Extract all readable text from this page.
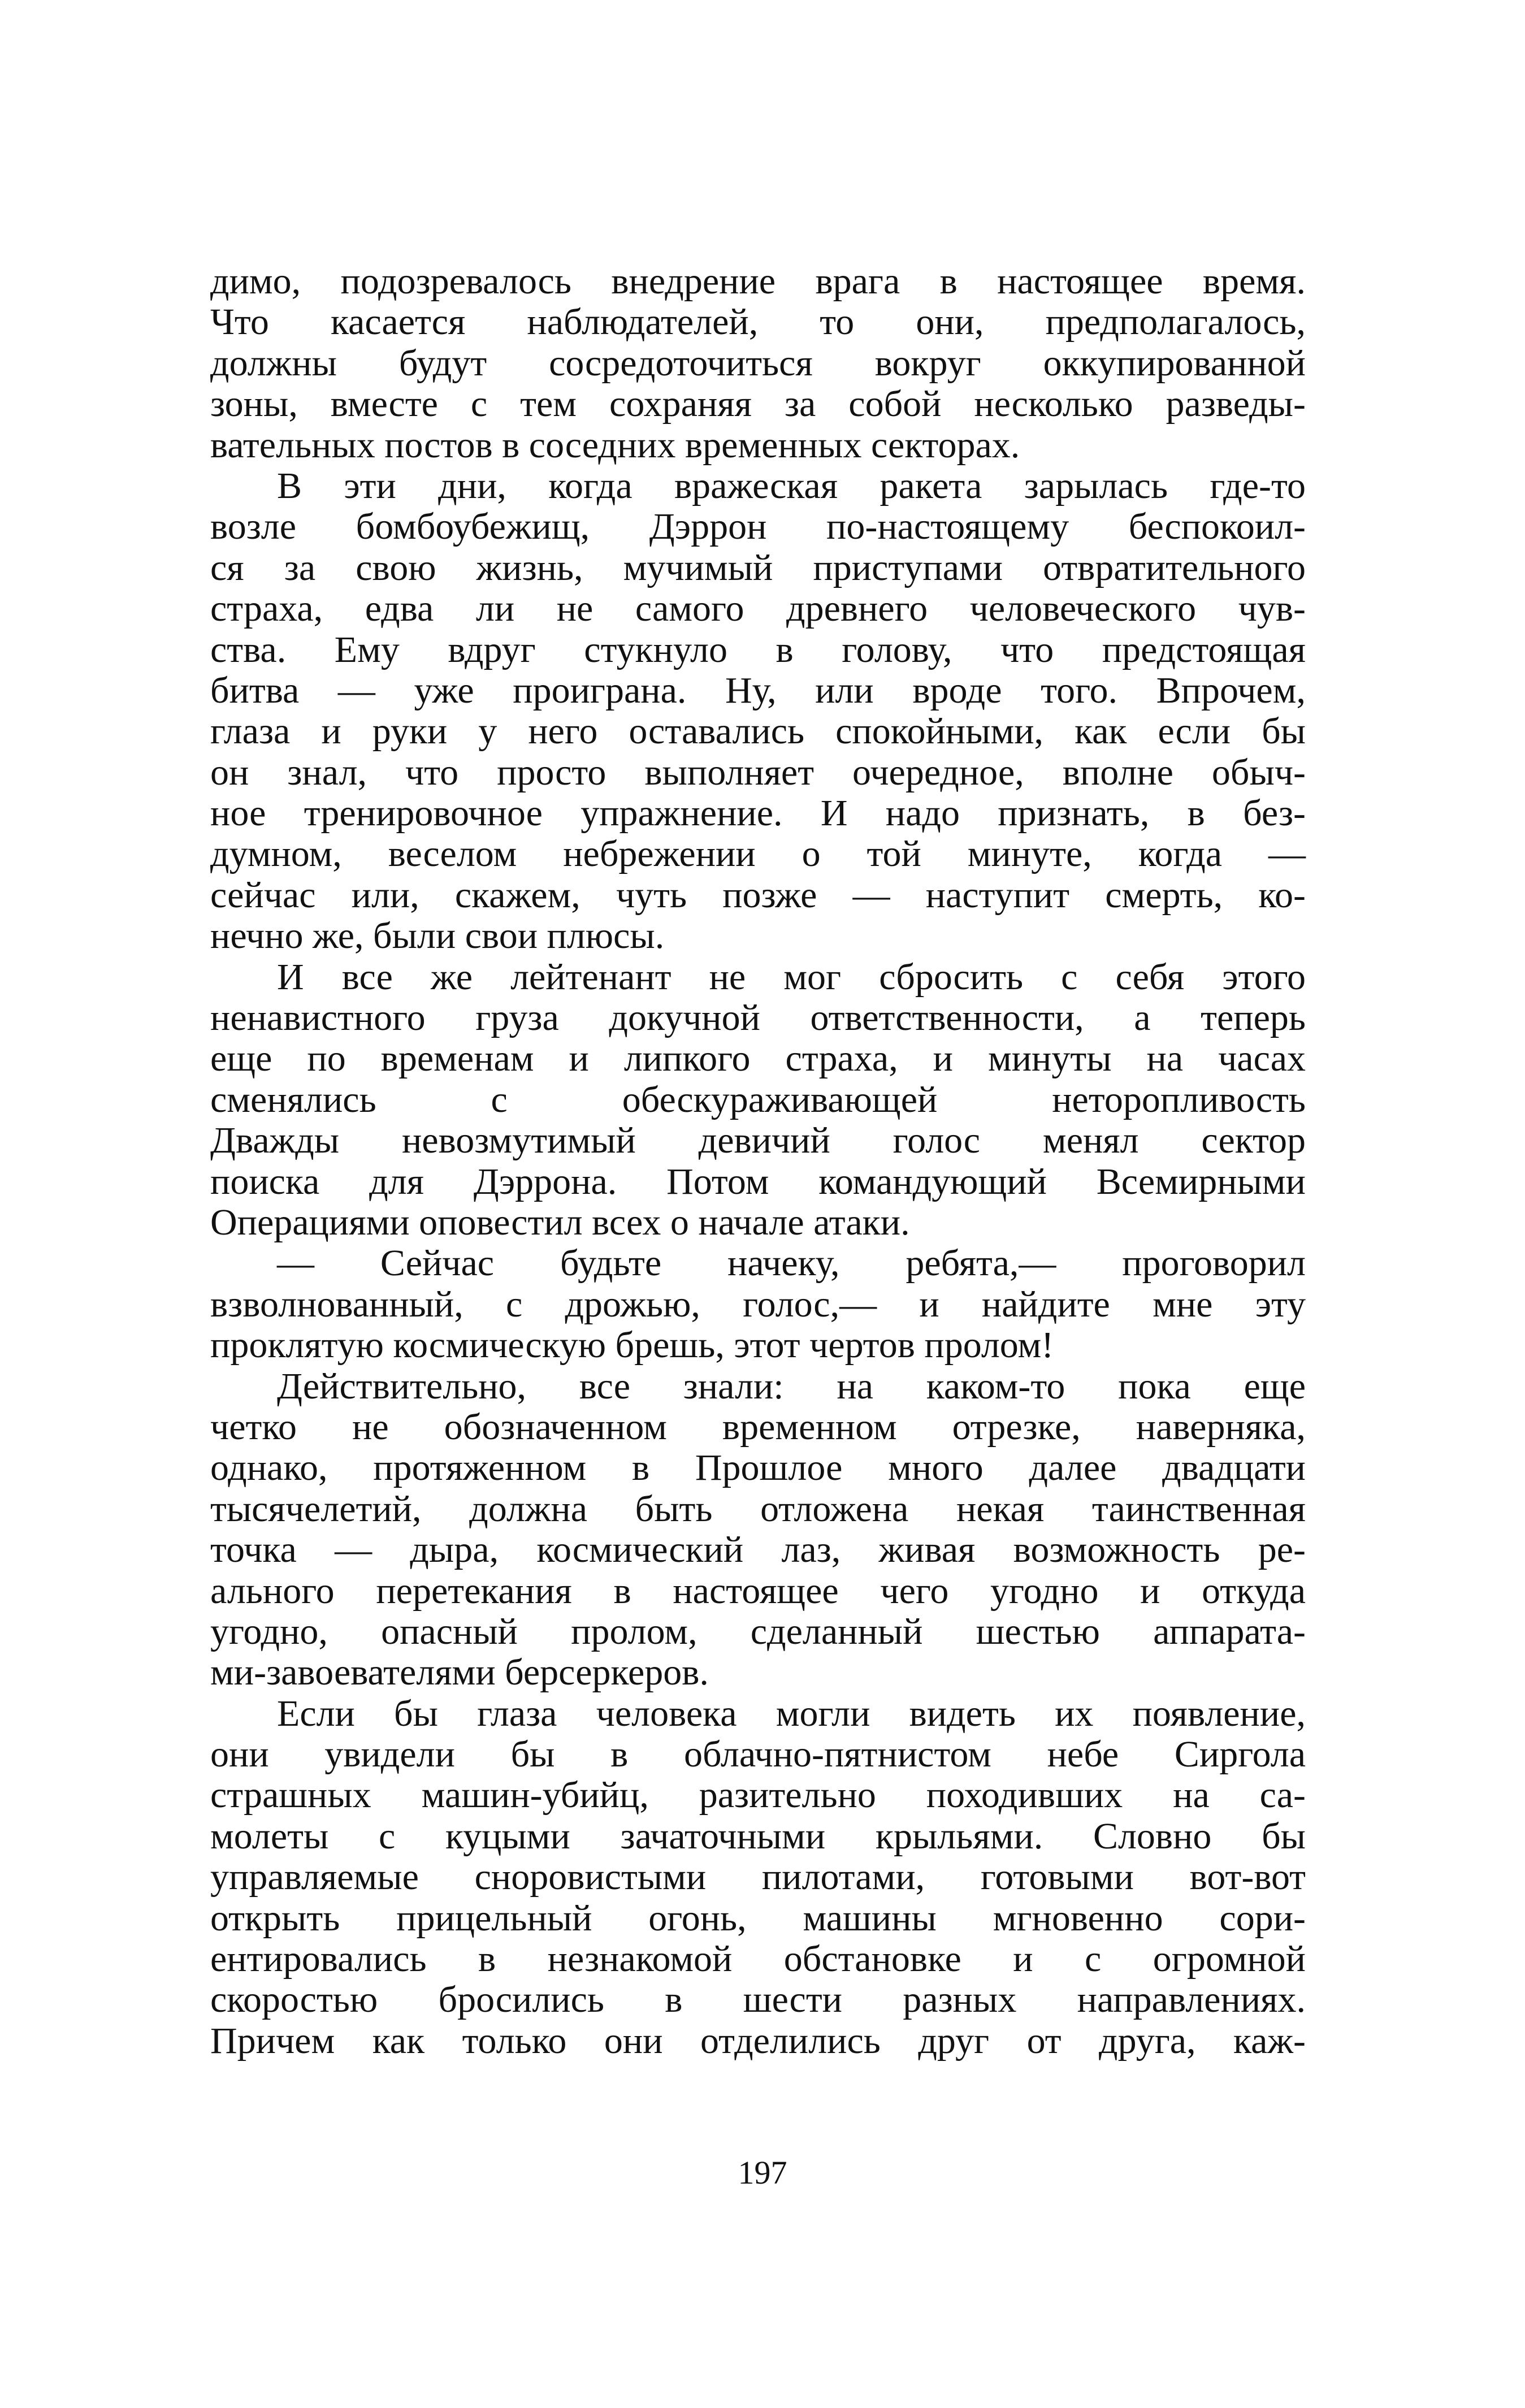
димо, подозревалось внедрение врага в настоящее время.
Что касается наблюдателей, то они, предполагалось,
должны будут сосредоточиться вокруг оккупированной
зоны, вместе с тем сохраняя за собой несколько разведы-
вательных постов в соседних временных секторах.
В эти дни, когда вражеская ракета зарылась где-то
возле бомбоубежищ, Дэррон по-настоящему беспокоил-
ся за свою жизнь, мучимый приступами отвратительного
страха, едва ли не самого древнего человеческого чув-
ства. Ему вдруг стукнуло в голову, что предстоящая
битва — уже проиграна. Ну, или вроде того. Впрочем,
глаза и руки у него оставались спокойными, как если бы
он знал, что просто выполняет очередное, вполне обыч-
ное тренировочное упражнение. И надо признать, в без-
думном, веселом небрежении о той минуте, когда —
сейчас или, скажем, чуть позже — наступит смерть, ко-
нечно же, были свои плюсы.
И все же лейтенант не мог сбросить с себя этого
ненавистного груза докучной ответственности, а теперь
еще по временам и липкого страха, и минуты на часах
сменялись с обескураживающей неторопливость
Дважды невозмутимый девичий голос менял сектор
поиска для Дэррона. Потом командующий Всемирными
Операциями оповестил всех о начале атаки.
— Сейчас будьте начеку, ребята,— проговорил
взволнованный, с дрожью, голос,— и найдите мне эту
проклятую космическую брешь, этот чертов пролом!
Действительно, все знали: на каком-то пока еще
четко не обозначенном временном отрезке, наверняка,
однако, протяженном в Прошлое много далее двадцати
тысячелетий, должна быть отложена некая таинственная
точка — дыра, космический лаз, живая возможность ре-
ального перетекания в настоящее чего угодно и откуда
угодно, опасный пролом, сделанный шестью аппарата-
ми-завоевателями берсеркеров.
Если бы глаза человека могли видеть их появление,
они увидели бы в облачно-пятнистом небе Сиргола
страшных машин-убийц, разительно походивших на са-
молеты с куцыми зачаточными крыльями. Словно бы
управляемые сноровистыми пилотами, готовыми вот-вот
открыть прицельный огонь, машины мгновенно сори-
ентировались в незнакомой обстановке и с огромной
скоростью бросились в шести разных направлениях.
Причем как только они отделились друг от друга, каж-
197
